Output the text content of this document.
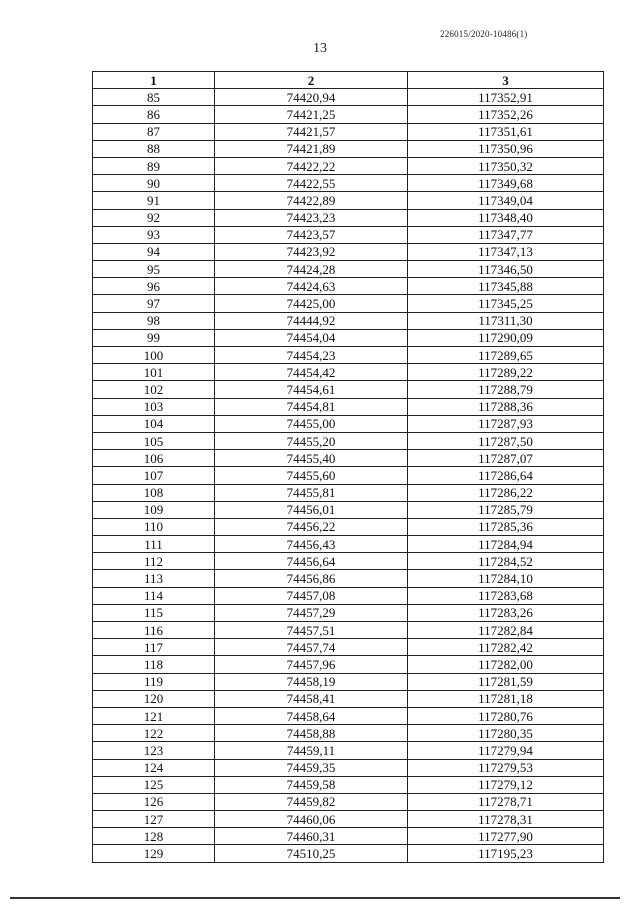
226015/2020-10486(1)
13
1	2	3
85	74420,94	117352,91
86	74421,25	117352,26
87	74421,57	117351,61
88	74421,89	117350,96
89	74422,22	117350,32
90	74422,55	117349,68
91	74422,89	117349,04
92	74423,23	117348,40
93	74423,57	117347,77
94	74423,92	117347,13
95	74424,28	117346,50
96	74424,63	117345,88
97	74425,00	117345,25
98	74444,92	117311,30
99	74454,04	117290,09
100	74454,23	117289,65
101	74454,42	117289,22
102	74454,61	117288,79
103	74454,81	117288,36
104	74455,00	117287,93
105	74455,20	117287,50
106	74455,40	117287,07
107	74455,60	117286,64
108	74455,81	117286,22
109	74456,01	117285,79
110	74456,22	117285,36
111	74456,43	117284,94
112	74456,64	117284,52
113	74456,86	117284,10
114	74457,08	117283,68
115	74457,29	117283,26
116	74457,51	117282,84
117	74457,74	117282,42
118	74457,96	117282,00
119	74458,19	117281,59
120	74458,41	117281,18
121	74458,64	117280,76
122	74458,88	117280,35
123	74459,11	117279,94
124	74459,35	117279,53
125	74459,58	117279,12
126	74459,82	117278,71
127	74460,06	117278,31
128	74460,31	117277,90
129	74510,25	117195,23
